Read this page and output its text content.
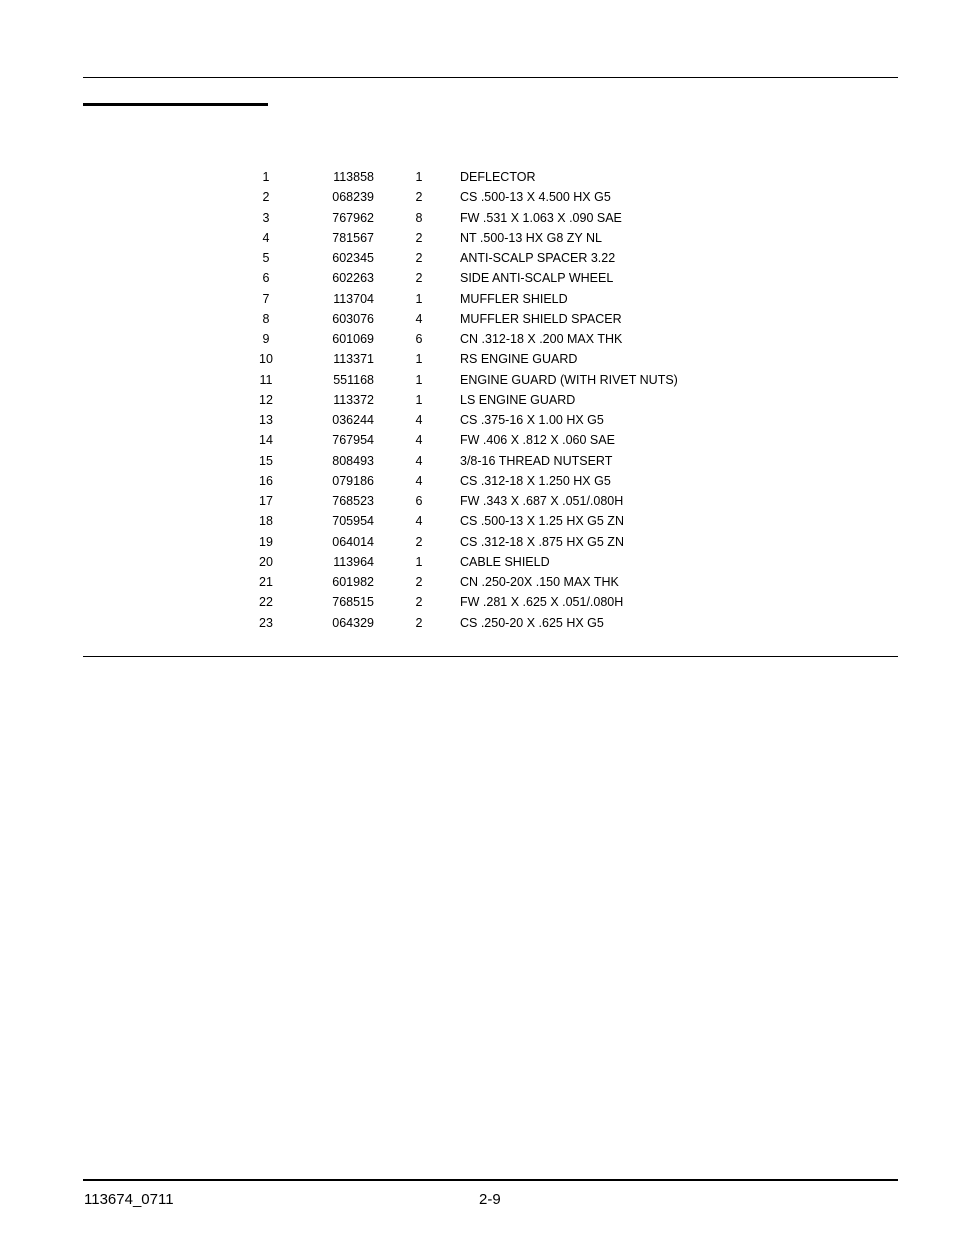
1	113858	1	DEFLECTOR
2	068239	2	CS .500-13 X 4.500 HX G5
3	767962	8	FW .531 X 1.063 X .090 SAE
4	781567	2	NT .500-13 HX G8 ZY NL
5	602345	2	ANTI-SCALP SPACER 3.22
6	602263	2	SIDE ANTI-SCALP WHEEL
7	113704	1	MUFFLER SHIELD
8	603076	4	MUFFLER SHIELD SPACER
9	601069	6	CN .312-18 X .200 MAX THK
10	113371	1	RS ENGINE GUARD
11	551168	1	ENGINE GUARD (WITH RIVET NUTS)
12	113372	1	LS ENGINE GUARD
13	036244	4	CS .375-16 X 1.00 HX G5
14	767954	4	FW .406 X .812 X .060 SAE
15	808493	4	3/8-16 THREAD NUTSERT
16	079186	4	CS .312-18 X 1.250 HX G5
17	768523	6	FW .343 X .687 X .051/.080H
18	705954	4	CS .500-13 X 1.25 HX G5 ZN
19	064014	2	CS .312-18 X .875 HX G5 ZN
20	113964	1	CABLE SHIELD
21	601982	2	CN .250-20X .150 MAX THK
22	768515	2	FW .281 X .625 X .051/.080H
23	064329	2	CS .250-20 X .625 HX G5
113674_0711	2-9
